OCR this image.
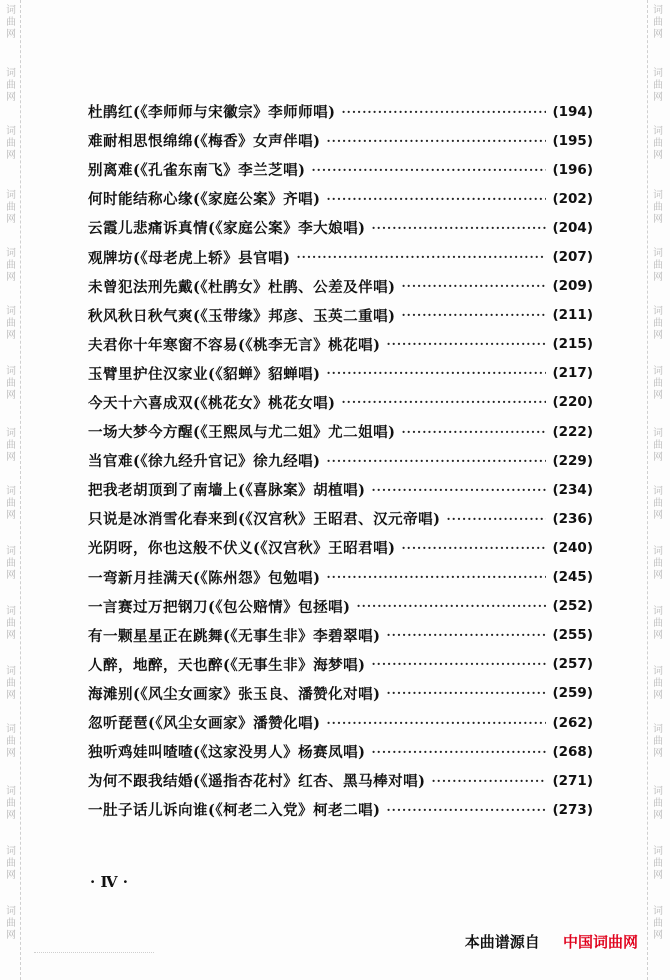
词
曲
网
词
曲
网
词
曲
网
词
曲
网
词
曲
网
词
曲
网
词
曲
网
词
曲
网
词
曲
网
词
曲
网
词
曲
网
词
曲
网
词
曲
网
词
曲
网
词
曲
网
词
曲
网
词
曲
网
词
曲
网
词
曲
网
词
曲
网
词
曲
网
词
曲
网
词
曲
网
词
曲
网
词
曲
网
词
曲
网
词
曲
网
词
曲
网
词
曲
网
词
曲
网
词
曲
网
词
曲
网
杜鹃红(《李师师与宋徽宗》李师师唱) ·····	(194)
难耐相思恨绵绵(《梅香》女声伴唱) ·····	(195)
别离难(《孔雀东南飞》李兰芝唱) ·····	(196)
何时能结称心缘(《家庭公案》齐唱) ·····	(202)
云霞儿悲痛诉真情(《家庭公案》李大娘唱) ·····	(204)
观牌坊(《母老虎上轿》县官唱) ·····	(207)
未曾犯法刑先戴(《杜鹃女》杜鹃、公差及伴唱) ·····	(209)
秋风秋日秋气爽(《玉带缘》邦彦、玉英二重唱) ·····	(211)
夫君你十年寒窗不容易(《桃李无言》桃花唱) ·····	(215)
玉臂里护住汉家业(《貂蝉》貂蝉唱) ·····	(217)
今天十六喜成双(《桃花女》桃花女唱) ·····	(220)
一场大梦今方醒(《王熙凤与尤二姐》尤二姐唱) ·····	(222)
当官难(《徐九经升官记》徐九经唱) ·····	(229)
把我老胡顶到了南墙上(《喜脉案》胡植唱) ·····	(234)
只说是冰消雪化春来到(《汉宫秋》王昭君、汉元帝唱) ·····	(236)
光阴呀，你也这般不伏义(《汉宫秋》王昭君唱) ·····	(240)
一弯新月挂满天(《陈州怨》包勉唱) ·····	(245)
一言赛过万把钢刀(《包公赔情》包拯唱) ·····	(252)
有一颗星星正在跳舞(《无事生非》李碧翠唱) ·····	(255)
人醉，地醉，天也醉(《无事生非》海梦唱) ·····	(257)
海滩别(《风尘女画家》张玉良、潘赞化对唱) ·····	(259)
忽听琵琶(《风尘女画家》潘赞化唱) ·····	(262)
独听鸡娃叫喳喳(《这家没男人》杨赛凤唱) ·····	(268)
为何不跟我结婚(《遥指杏花村》红杏、黑马棒对唱) ·····	(271)
一肚子话儿诉向谁(《柯老二入党》柯老二唱) ·····	(273)
· Ⅳ ·
本曲谱源自 中国词曲网
